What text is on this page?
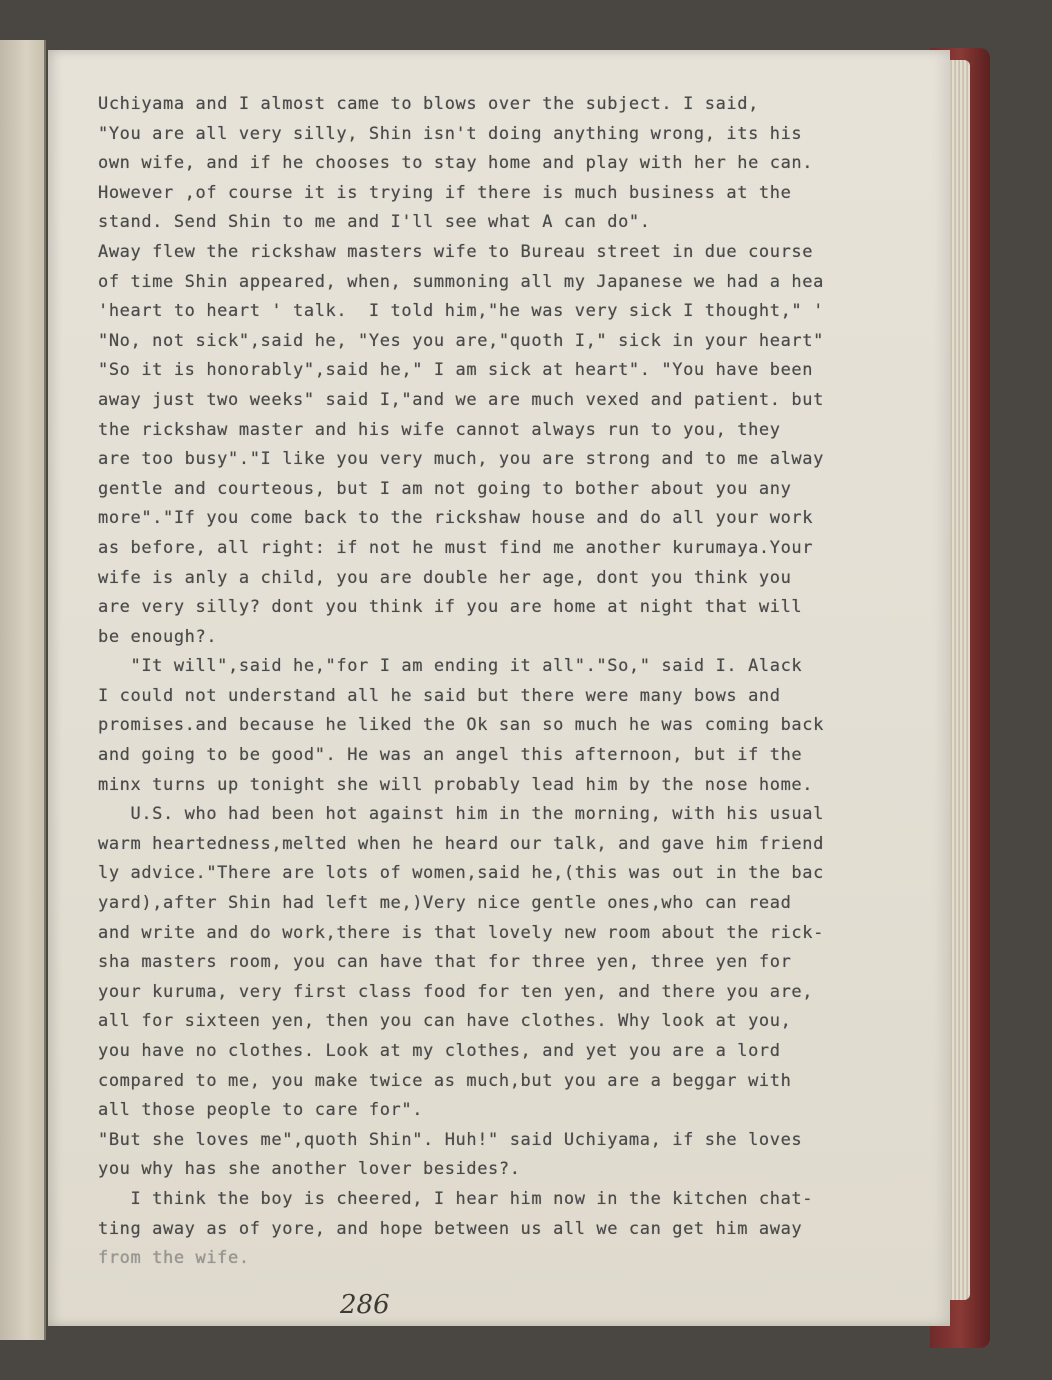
Uchiyama and I almost came to blows over the subject. I said,
"You are all very silly, Shin isn't doing anything wrong, its his
own wife, and if he chooses to stay home and play with her he can.
However ,of course it is trying if there is much business at the
stand. Send Shin to me and I'll see what A can do".
Away flew the rickshaw masters wife to Bureau street in due course
of time Shin appeared, when, summoning all my Japanese we had a hea
'heart to heart ' talk.  I told him,"he was very sick I thought," '
"No, not sick",said he, "Yes you are,"quoth I," sick in your heart"
"So it is honorably",said he," I am sick at heart". "You have been
away just two weeks" said I,"and we are much vexed and patient. but
the rickshaw master and his wife cannot always run to you, they
are too busy"."I like you very much, you are strong and to me alway
gentle and courteous, but I am not going to bother about you any
more"."If you come back to the rickshaw house and do all your work
as before, all right: if not he must find me another kurumaya.Your
wife is anly a child, you are double her age, dont you think you
are very silly? dont you think if you are home at night that will
be enough?.
"It will",said he,"for I am ending it all"."So," said I. Alack
I could not understand all he said but there were many bows and
promises.and because he liked the Ok san so much he was coming back
and going to be good". He was an angel this afternoon, but if the
minx turns up tonight she will probably lead him by the nose home.
U.S. who had been hot against him in the morning, with his usual
warm heartedness,melted when he heard our talk, and gave him friend
ly advice."There are lots of women,said he,(this was out in the bac
yard),after Shin had left me,)Very nice gentle ones,who can read
and write and do work,there is that lovely new room about the rick-
sha masters room, you can have that for three yen, three yen for
your kuruma, very first class food for ten yen, and there you are,
all for sixteen yen, then you can have clothes. Why look at you,
you have no clothes. Look at my clothes, and yet you are a lord
compared to me, you make twice as much,but you are a beggar with
all those people to care for".
"But she loves me",quoth Shin". Huh!" said Uchiyama, if she loves
you why has she another lover besides?.
I think the boy is cheered, I hear him now in the kitchen chat-
ting away as of yore, and hope between us all we can get him away
from the wife.
286
